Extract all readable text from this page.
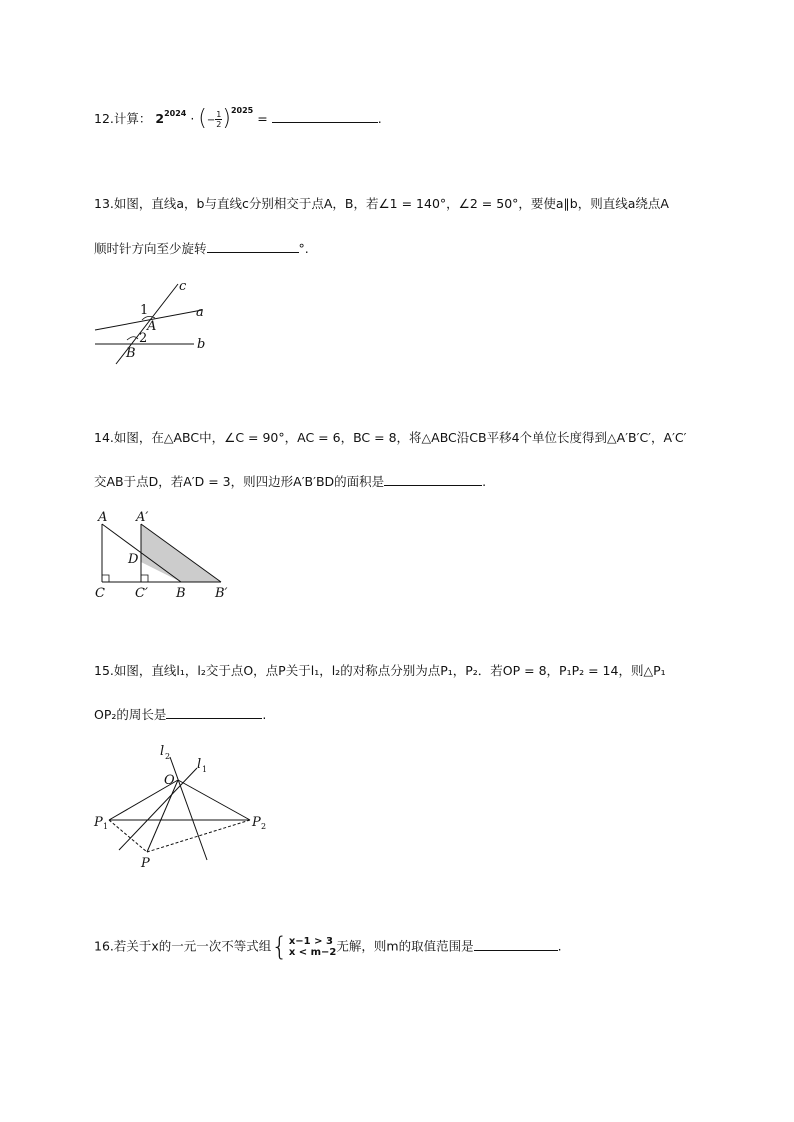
12.计算： $2^{2024}$ · (− $\frac{1}{2} )^{2025}$ =	.
13.如图，直线a，b与直线c分别相交于点A，B，若∠1 = 140°，∠2 = 50°，要使a∥b，则直线a绕点A
顺时针方向至少旋转	°.
c
a
b
1
A
2
B
14.如图，在△ABC中，∠C = 90°，AC = 6，BC = 8，将△ABC沿CB平移4个单位长度得到△A′B′C′，A′C′
交AB于点D，若A′D = 3，则四边形A′B′BD的面积是	.
A A′
D
C C′ B B′
15.如图，直线l₁，l₂交于点O，点P关于l₁，l₂的对称点分别为点P₁，P₂．若OP = 8，P₁P₂ = 14，则△P₁
OP₂的周长是	.
l 2
l 1
O
P 1	P 2
P
16.若关于x的一元一次不等式组 { x−1 > 3
x < m−2 无解，则m的取值范围是	.
